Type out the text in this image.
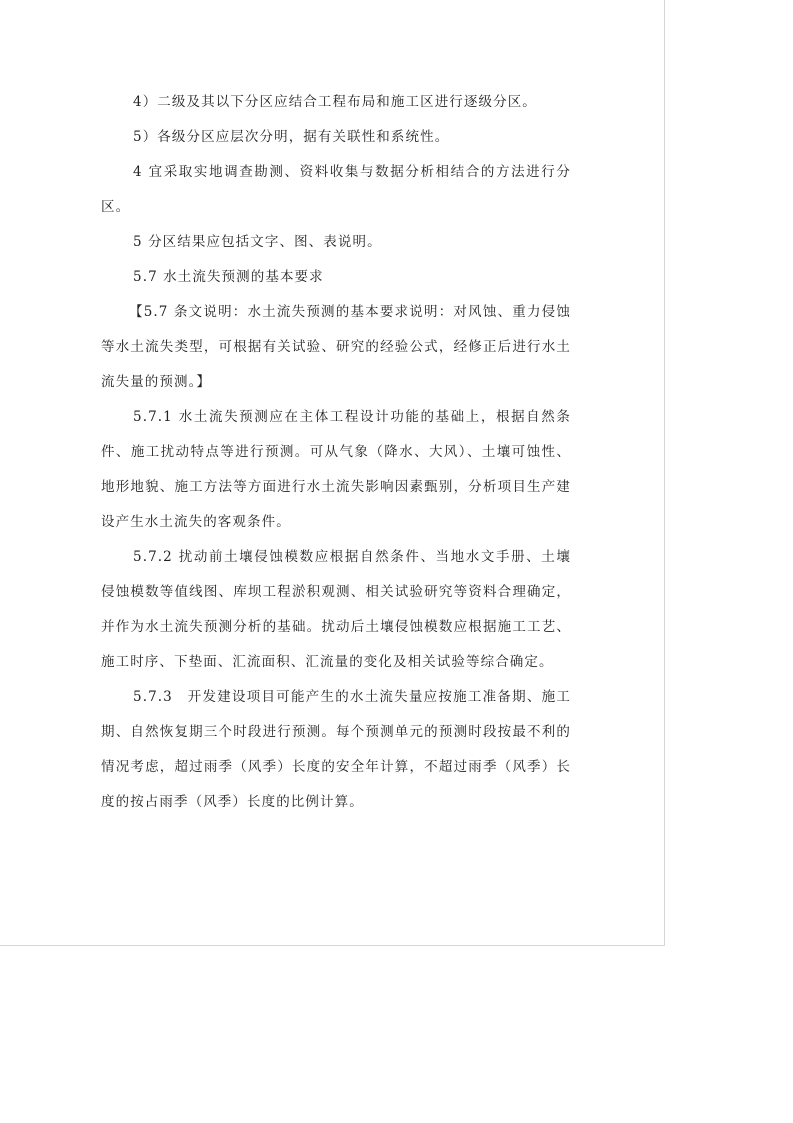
4）二级及其以下分区应结合工程布局和施工区进行逐级分区。

5）各级分区应层次分明，据有关联性和系统性。

4 宜采取实地调查勘测、资料收集与数据分析相结合的方法进行分区。

5 分区结果应包括文字、图、表说明。

5.7 水土流失预测的基本要求

【5.7 条文说明：水土流失预测的基本要求说明：对风蚀、重力侵蚀等水土流失类型，可根据有关试验、研究的经验公式，经修正后进行水土流失量的预测。】

5.7.1 水土流失预测应在主体工程设计功能的基础上，根据自然条件、施工扰动特点等进行预测。可从气象（降水、大风）、土壤可蚀性、地形地貌、施工方法等方面进行水土流失影响因素甄别，分析项目生产建设产生水土流失的客观条件。

5.7.2 扰动前土壤侵蚀模数应根据自然条件、当地水文手册、土壤侵蚀模数等值线图、库坝工程淤积观测、相关试验研究等资料合理确定，并作为水土流失预测分析的基础。扰动后土壤侵蚀模数应根据施工工艺、施工时序、下垫面、汇流面积、汇流量的变化及相关试验等综合确定。

5.7.3　开发建设项目可能产生的水土流失量应按施工准备期、施工期、自然恢复期三个时段进行预测。每个预测单元的预测时段按最不利的情况考虑，超过雨季（风季）长度的安全年计算，不超过雨季（风季）长度的按占雨季（风季）长度的比例计算。
